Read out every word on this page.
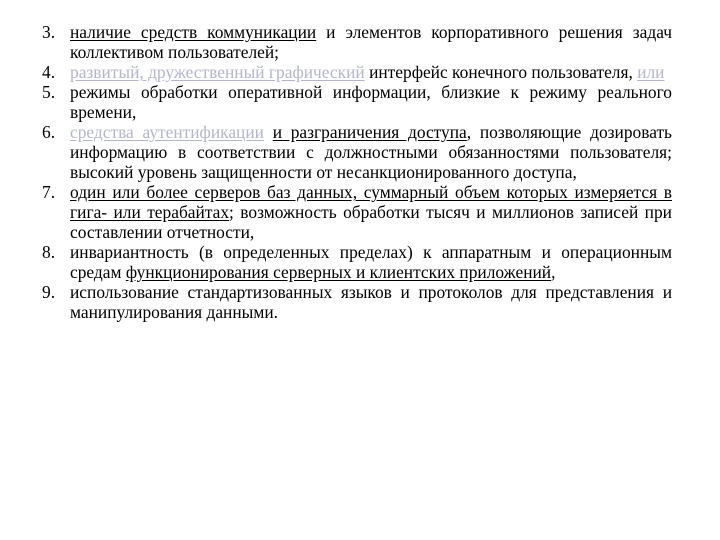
3. наличие средств коммуникации и элементов корпоративного решения задач коллективом пользователей;
4. развитый, дружественный графический интерфейс конечного пользователя, или
5. режимы обработки оперативной информации, близкие к режиму реального времени,
6. средства аутентификации и разграничения доступа, позволяющие дозировать информацию в соответствии с должностными обязанностями пользователя; высокий уровень защищенности от несанкционированного доступа,
7. один или более серверов баз данных, суммарный объем которых измеряется в гига- или терабайтах; возможность обработки тысяч и миллионов записей при составлении отчетности,
8. инвариантность (в определенных пределах) к аппаратным и операционным средам функционирования серверных и клиентских приложений,
9. использование стандартизованных языков и протоколов для представления и манипулирования данными.
